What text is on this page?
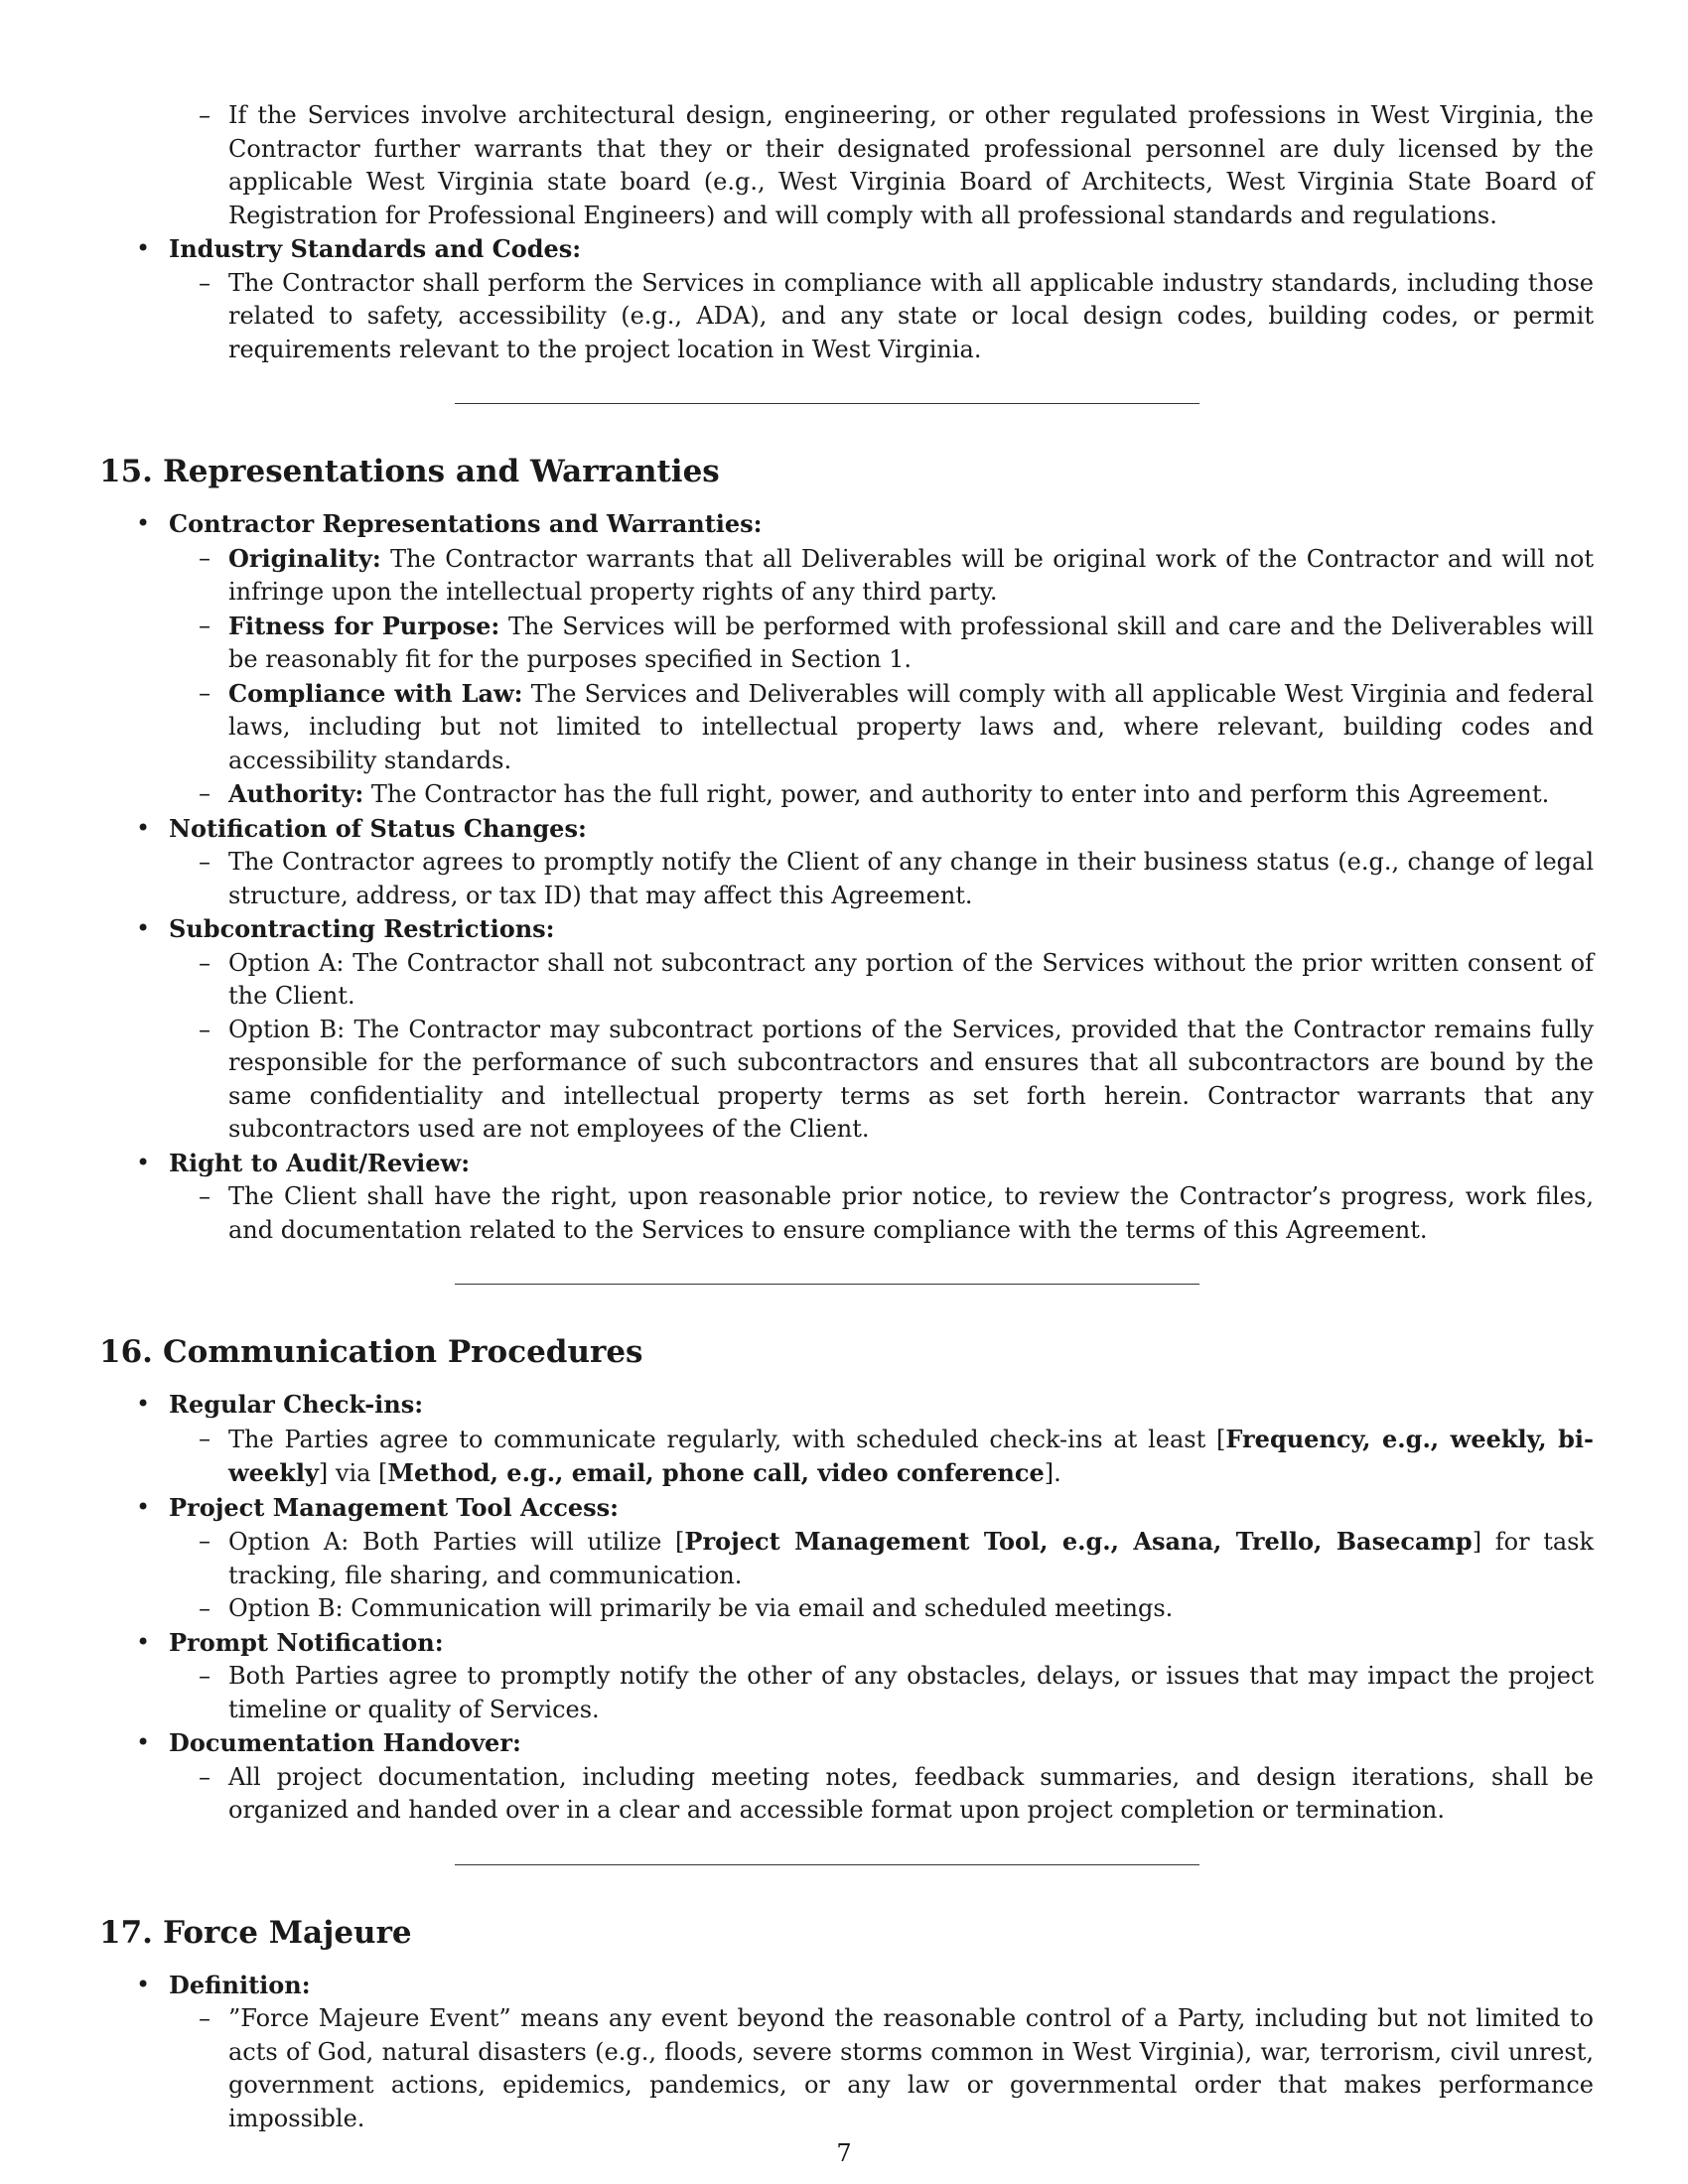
– If the Services involve architectural design, engineering, or other regulated professions in West Virginia, the Contractor further warrants that they or their designated professional personnel are duly licensed by the applicable West Virginia state board (e.g., West Virginia Board of Architects, West Virginia State Board of Registration for Professional Engineers) and will comply with all professional standards and regulations.
• Industry Standards and Codes:
– The Contractor shall perform the Services in compliance with all applicable industry standards, including those related to safety, accessibility (e.g., ADA), and any state or local design codes, building codes, or permit requirements relevant to the project location in West Virginia.
15. Representations and Warranties
• Contractor Representations and Warranties:
– Originality: The Contractor warrants that all Deliverables will be original work of the Contractor and will not infringe upon the intellectual property rights of any third party.
– Fitness for Purpose: The Services will be performed with professional skill and care and the Deliverables will be reasonably fit for the purposes specified in Section 1.
– Compliance with Law: The Services and Deliverables will comply with all applicable West Virginia and federal laws, including but not limited to intellectual property laws and, where relevant, building codes and accessibility standards.
– Authority: The Contractor has the full right, power, and authority to enter into and perform this Agreement.
• Notification of Status Changes:
– The Contractor agrees to promptly notify the Client of any change in their business status (e.g., change of legal structure, address, or tax ID) that may affect this Agreement.
• Subcontracting Restrictions:
– Option A: The Contractor shall not subcontract any portion of the Services without the prior written consent of the Client.
– Option B: The Contractor may subcontract portions of the Services, provided that the Contractor remains fully responsible for the performance of such subcontractors and ensures that all subcontractors are bound by the same confidentiality and intellectual property terms as set forth herein. Contractor warrants that any subcontractors used are not employees of the Client.
• Right to Audit/Review:
– The Client shall have the right, upon reasonable prior notice, to review the Contractor’s progress, work files, and documentation related to the Services to ensure compliance with the terms of this Agreement.
16. Communication Procedures
• Regular Check-ins:
– The Parties agree to communicate regularly, with scheduled check-ins at least [Frequency, e.g., weekly, bi-weekly] via [Method, e.g., email, phone call, video conference].
• Project Management Tool Access:
– Option A: Both Parties will utilize [Project Management Tool, e.g., Asana, Trello, Basecamp] for task tracking, file sharing, and communication.
– Option B: Communication will primarily be via email and scheduled meetings.
• Prompt Notification:
– Both Parties agree to promptly notify the other of any obstacles, delays, or issues that may impact the project timeline or quality of Services.
• Documentation Handover:
– All project documentation, including meeting notes, feedback summaries, and design iterations, shall be organized and handed over in a clear and accessible format upon project completion or termination.
17. Force Majeure
• Definition:
– ”Force Majeure Event” means any event beyond the reasonable control of a Party, including but not limited to acts of God, natural disasters (e.g., floods, severe storms common in West Virginia), war, terrorism, civil unrest, government actions, epidemics, pandemics, or any law or governmental order that makes performance impossible.
7
